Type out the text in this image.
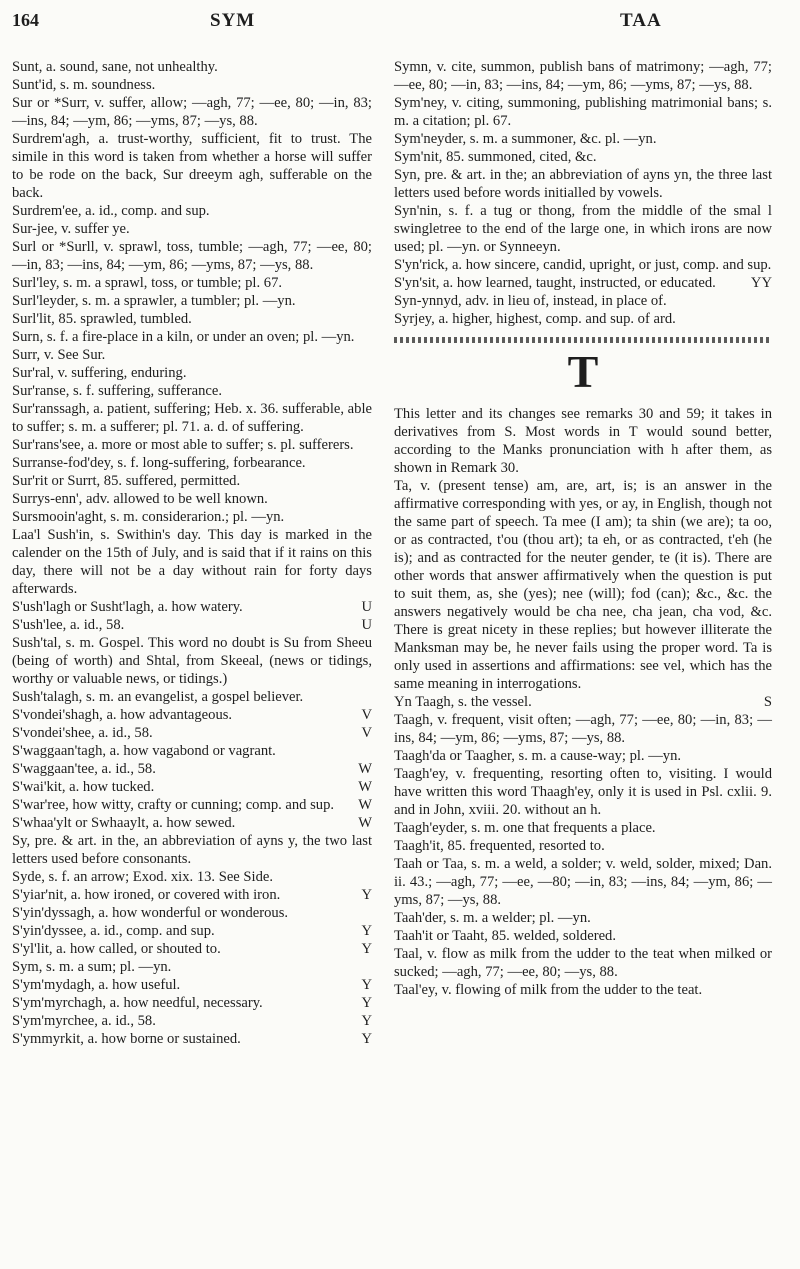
164	SYM	TAA

Sunt, a. sound, sane, not unhealthy.

Sunt'id, s. m. soundness.

Sur or *Surr, v. suffer, allow; —agh, 77; —ee, 80; —in, 83; —ins, 84; —ym, 86; —yms, 87; —ys, 88.

Surdrem'agh, a. trust-worthy, sufficient, fit to trust. The simile in this word is taken from whether a horse will suffer to be rode on the back, Sur dreeym agh, sufferable on the back.

Surdrem'ee, a. id., comp. and sup.

Sur-jee, v. suffer ye.

Surl or *Surll, v. sprawl, toss, tumble; —agh, 77; —ee, 80; —in, 83; —ins, 84; —ym, 86; —yms, 87; —ys, 88.

Surl'ley, s. m. a sprawl, toss, or tumble; pl. 67.

Surl'leyder, s. m. a sprawler, a tumbler; pl. —yn.

Surl'lit, 85. sprawled, tumbled.

Surn, s. f. a fire-place in a kiln, or under an oven; pl. —yn.

Surr, v. See Sur.

Sur'ral, v. suffering, enduring.

Sur'ranse, s. f. suffering, sufferance.

Sur'ranssagh, a. patient, suffering; Heb. x. 36. sufferable, able to suffer; s. m. a sufferer; pl. 71. a. d. of suffering.

Sur'rans'see, a. more or most able to suffer; s. pl. sufferers.

Surranse-fod'dey, s. f. long-suffering, forbearance.

Sur'rit or Surrt, 85. suffered, permitted.

Surrys-enn', adv. allowed to be well known.

Sursmooin'aght, s. m. considerarion.; pl. —yn.

Laa'l Sush'in, s. Swithin's day. This day is marked in the calender on the 15th of July, and is said that if it rains on this day, there will not be a day without rain for forty days afterwards.

S'ush'lagh or Susht'lagh, a. how watery.	U

S'ush'lee, a. id., 58.	U

Sush'tal, s. m. Gospel. This word no doubt is Su from Sheeu (being of worth) and Shtal, from Skeeal, (news or tidings, worthy or valuable news, or tidings.)

Sush'talagh, s. m. an evangelist, a gospel believer.

S'vondei'shagh, a. how advantageous.	V

S'vondei'shee, a. id., 58.	V

S'waggaan'tagh, a. how vagabond or vagrant.

S'waggaan'tee, a. id., 58.	W

S'wai'kit, a. how tucked.	W

S'war'ree, how witty, crafty or cunning; comp. and sup. W

S'whaa'ylt or Swhaaylt, a. how sewed.	W

Sy, pre. & art. in the, an abbreviation of ayns y, the two last letters used before consonants.

Syde, s. f. an arrow; Exod. xix. 13. See Side.

S'yiar'nit, a. how ironed, or covered with iron.	Y

S'yin'dyssagh, a. how wonderful or wonderous.

S'yin'dyssee, a. id., comp. and sup.	Y

S'yl'lit, a. how called, or shouted to.	Y

Sym, s. m. a sum; pl. —yn.

S'ym'mydagh, a. how useful.	Y

S'ym'myrchagh, a. how needful, necessary.	Y

S'ym'myrchee, a. id., 58.	Y

S'ymmyrkit, a. how borne or sustained.	Y

Symn, v. cite, summon, publish bans of matrimony; —agh, 77; —ee, 80; —in, 83; —ins, 84; —ym, 86; —yms, 87; —ys, 88.

Sym'ney, v. citing, summoning, publishing matrimonial bans; s. m. a citation; pl. 67.

Sym'neyder, s. m. a summoner, &c. pl. —yn.

Sym'nit, 85. summoned, cited, &c.

Syn, pre. & art. in the; an abbreviation of ayns yn, the three last letters used before words initialled by vowels.

Syn'nin, s. f. a tug or thong, from the middle of the smal l swingletree to the end of the large one, in which irons are now used; pl. —yn. or Synneeyn.

S'yn'rick, a. how sincere, candid, upright, or just, comp. and sup.
Y

S'yn'sit, a. how learned, taught, instructed, or educated. Y

Syn-ynnyd, adv. in lieu of, instead, in place of.

Syrjey, a. higher, highest, comp. and sup. of ard.

T

This letter and its changes see remarks 30 and 59; it takes in derivatives from S. Most words in T would sound better, according to the Manks pronunciation with h after them, as shown in Remark 30.

Ta, v. (present tense) am, are, art, is; is an answer in the affirmative corresponding with yes, or ay, in English, though not the same part of speech. Ta mee (I am); ta shin (we are); ta oo, or as contracted, t'ou (thou art); ta eh, or as contracted, t'eh (he is); and as contracted for the neuter gender, te (it is). There are other words that answer affirmatively when the question is put to suit them, as, she (yes); nee (will); fod (can); &c., &c. the answers negatively would be cha nee, cha jean, cha vod, &c. There is great nicety in these replies; but however illiterate the Manksman may be, he never fails using the proper word. Ta is only used in assertions and affirmations: see vel, which has the same meaning in interrogations.

Yn Taagh, s. the vessel.	S

Taagh, v. frequent, visit often; —agh, 77; —ee, 80; —in, 83; —ins, 84; —ym, 86; —yms, 87; —ys, 88.

Taagh'da or Taagher, s. m. a cause-way; pl. —yn.

Taagh'ey, v. frequenting, resorting often to, visiting. I would have written this word Thaagh'ey, only it is used in Psl. cxlii. 9. and in John, xviii. 20. without an h.

Taagh'eyder, s. m. one that frequents a place.

Taagh'it, 85. frequented, resorted to.

Taah or Taa, s. m. a weld, a solder; v. weld, solder, mixed; Dan. ii. 43.; —agh, 77; —ee, —80; —in, 83; —ins, 84; —ym, 86; —yms, 87; —ys, 88.

Taah'der, s. m. a welder; pl. —yn.

Taah'it or Taaht, 85. welded, soldered.

Taal, v. flow as milk from the udder to the teat when milked or sucked; —agh, 77; —ee, 80; —ys, 88.

Taal'ey, v. flowing of milk from the udder to the teat.
